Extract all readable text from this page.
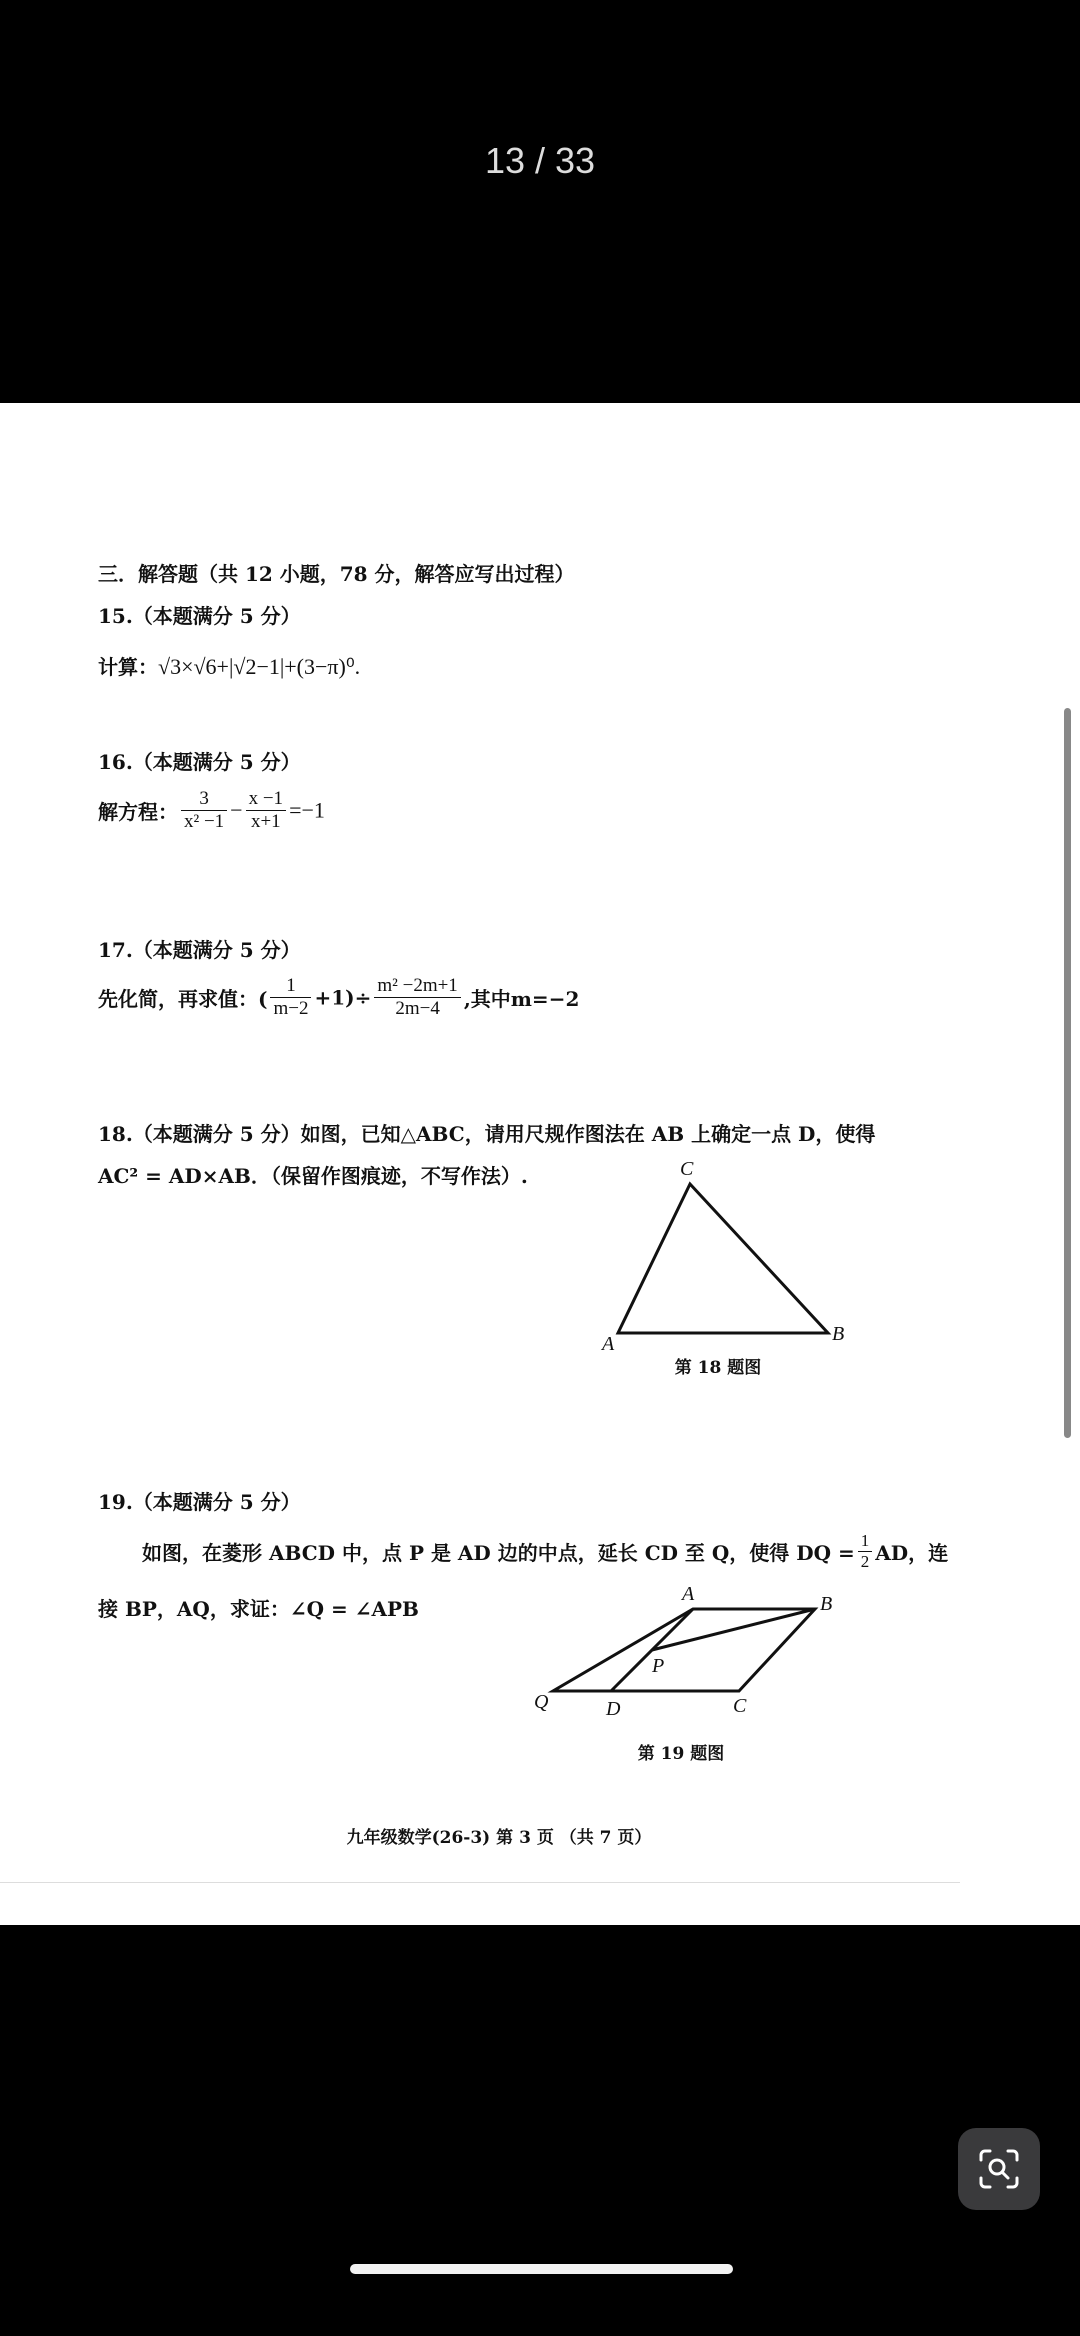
13 / 33
三．解答题（共 12 小题，78 分，解答应写出过程）
15.（本题满分 5 分）
计算：√3×√6+|√2−1|+(3−π)⁰.
16.（本题满分 5 分）
解方程： $\frac{3}{\text{x² −1}} - \frac{x -1}{x+1} =-1$
17.（本题满分 5 分）
先化简，再求值：( $\frac{1}{m-2} +1)\div \frac{\text{m² −2m+1}}{2m-4}$ ,其中m=−2
18.（本题满分 5 分）如图，已知△ABC，请用尺规作图法在 AB 上确定一点 D，使得
AC² = AD×AB．（保留作图痕迹，不写作法）.	C
A	B
第 18 题图
19.（本题满分 5 分）
如图，在菱形 ABCD 中，点 P 是 AD 边的中点，延长 CD 至 Q，使得 DQ = $\frac{1}{2}$ AD，连
接 BP，AQ，求证：∠Q = ∠APB
A	B
C
D
P
Q
第 19 题图
九年级数学(26-3) 第 3 页 （共 7 页）
